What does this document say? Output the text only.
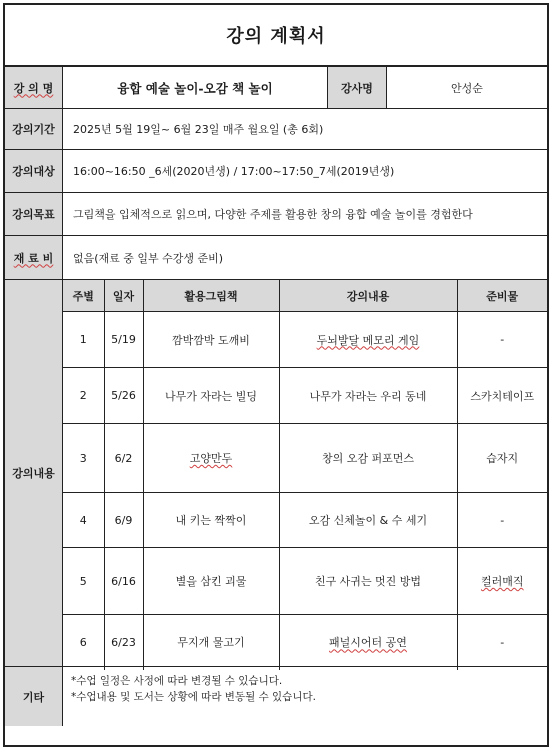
강의 계획서
강 의 명	융합 예술 놀이-오감 책 놀이	강사명	안성순
강의기간	2025년 5월 19일~ 6월 23일 매주 월요일 (총 6회)
강의대상	16:00~16:50 _6세(2020년생) / 17:00~17:50_7세(2019년생)
강의목표	그림책을 입체적으로 읽으며, 다양한 주제를 활용한 창의 융합 예술 놀이를 경험한다
재 료 비	없음(재료 중 일부 수강생 준비)
강의내용
주별	일자	활용그림책	강의내용	준비물
1	5/19	깜박깜박 도깨비	두뇌발달 메모리 게임	-
2	5/26	나무가 자라는 빌딩	나무가 자라는 우리 동네	스카치테이프
3	6/2	고양만두	창의 오감 퍼포먼스	습자지
4	6/9	내 키는 짝짝이	오감 신체놀이 & 수 세기	-
5	6/16	별을 삼킨 괴물	친구 사귀는 멋진 방법	컬러매직
6	6/23	무지개 물고기	패널시어터 공연	-
기타
*수업 일정은 사정에 따라 변경될 수 있습니다.
*수업내용 및 도서는 상황에 따라 변동될 수 있습니다.
